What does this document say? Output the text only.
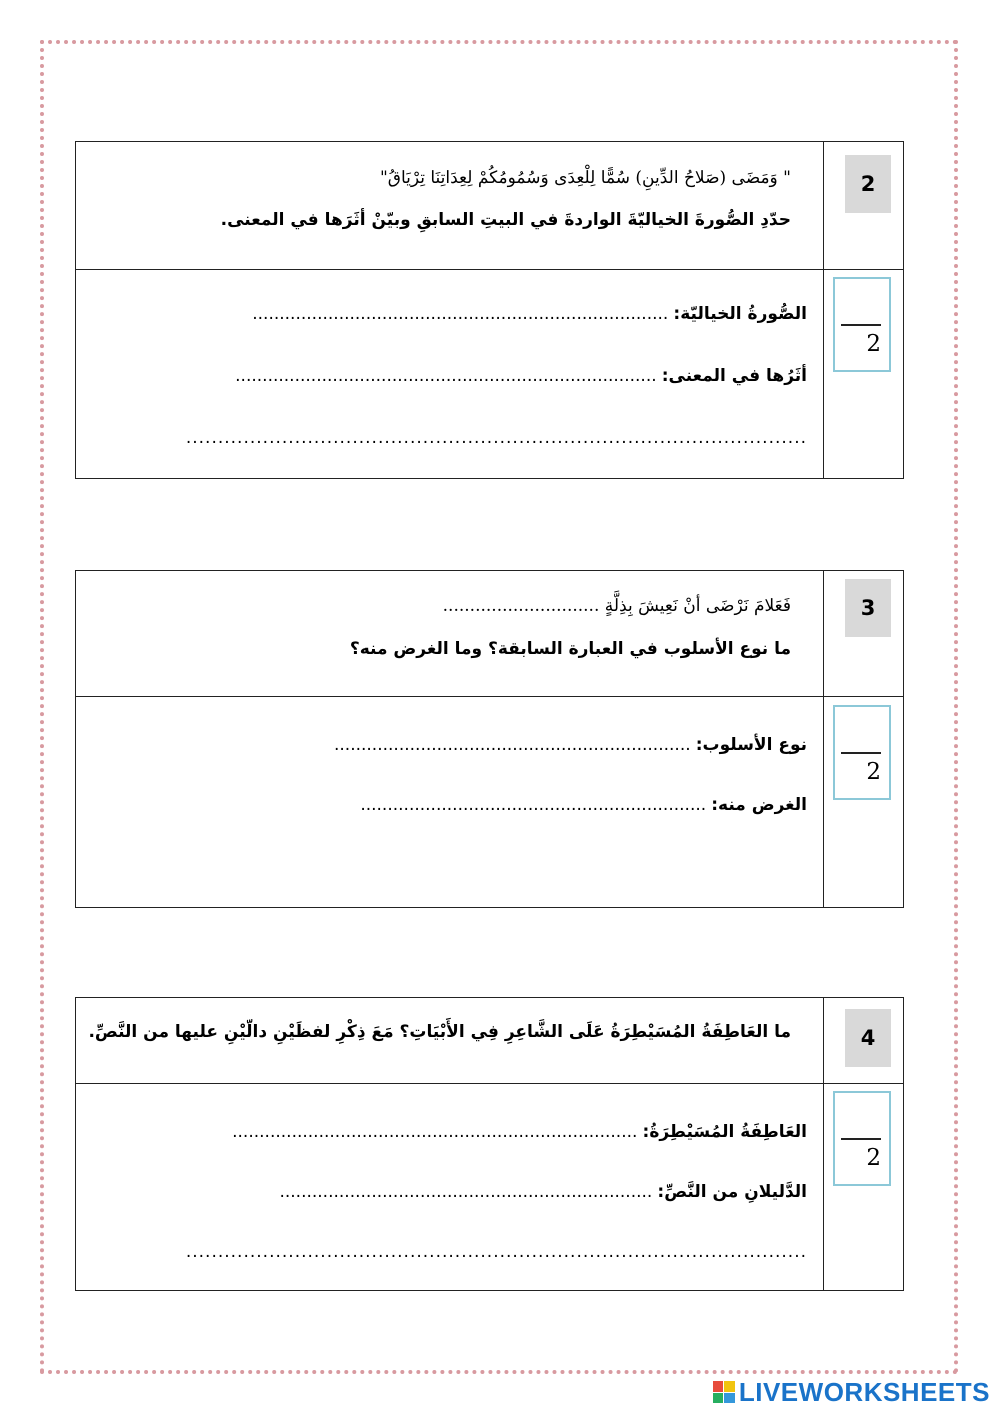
2
" وَمَضَى (صَلاحُ الدِّينِ) سُمًّا لِلْعِدَى وَسُمُومُكُمْ لِعِدَاتِنَا تِرْيَاقُ"
حدّدِ الصُّورةَ الخياليّةَ الواردةَ في البيتِ السابقِ وبيّنْ أثَرَها في المعنى.
2
الصُّورةُ الخياليّة: .............................................................................
أثَرُها في المعنى: ..............................................................................
.................................................................................................
3
فَعَلامَ نَرْضَى أنْ نَعِيشَ بِذِلَّةٍ .............................
ما نوع الأسلوب في العبارة السابقة؟ وما الغرض منه؟
2
نوع الأسلوب: ..................................................................
الغرض منه: ................................................................
4
ما العَاطِفَةُ المُسَيْطِرَةُ عَلَى الشَّاعِرِ فِي الأَبْيَاتِ؟ مَعَ ذِكْرِ لفظَيْنِ دالّيْنِ عليها من النَّصِّ.
2
العَاطِفَةُ المُسَيْطِرَةُ: ...........................................................................
الدَّليلانِ من النَّصِّ: .....................................................................
.................................................................................................
LIVEWORKSHEETS
